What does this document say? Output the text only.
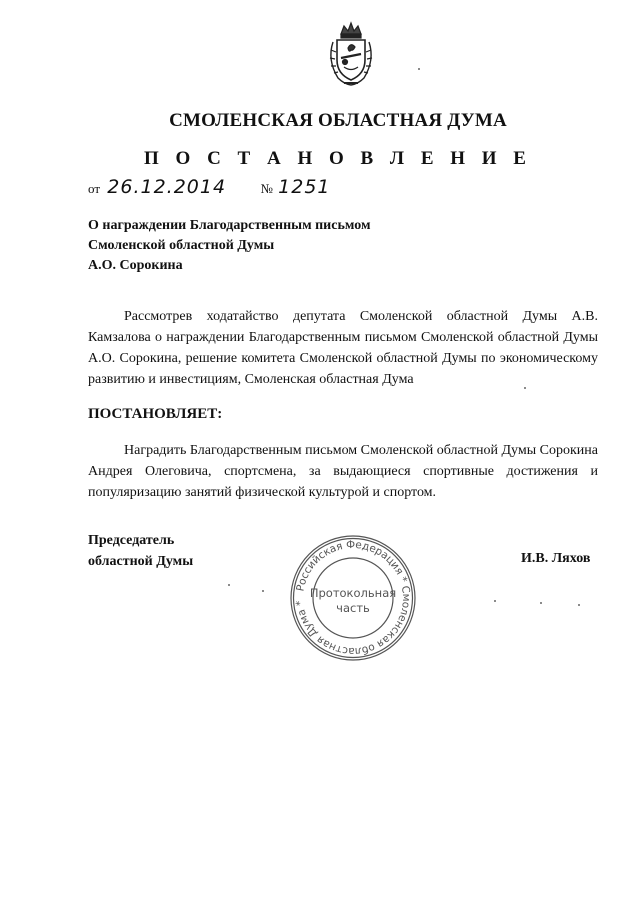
СМОЛЕНСКАЯ ОБЛАСТНАЯ ДУМА
П О С Т А Н О В Л Е Н И Е
от 26.12.2014	№ 1251
О награждении Благодарственным письмом
Смоленской областной Думы
А.О. Сорокина
Рассмотрев ходатайство депутата Смоленской областной Думы А.В. Камзалова о награждении Благодарственным письмом Смоленской областной Думы А.О. Сорокина, решение комитета Смоленской областной Думы по экономическому развитию и инвестициям, Смоленская областная Дума
ПОСТАНОВЛЯЕТ:
Наградить Благодарственным письмом Смоленской областной Думы Сорокина Андрея Олеговича, спортсмена, за выдающиеся спортивные достижения и популяризацию занятий физической культурой и спортом.
Председатель
областной Думы	И.В. Ляхов
Российская Федерация * Смоленская областная Дума *
Протокольная
часть
